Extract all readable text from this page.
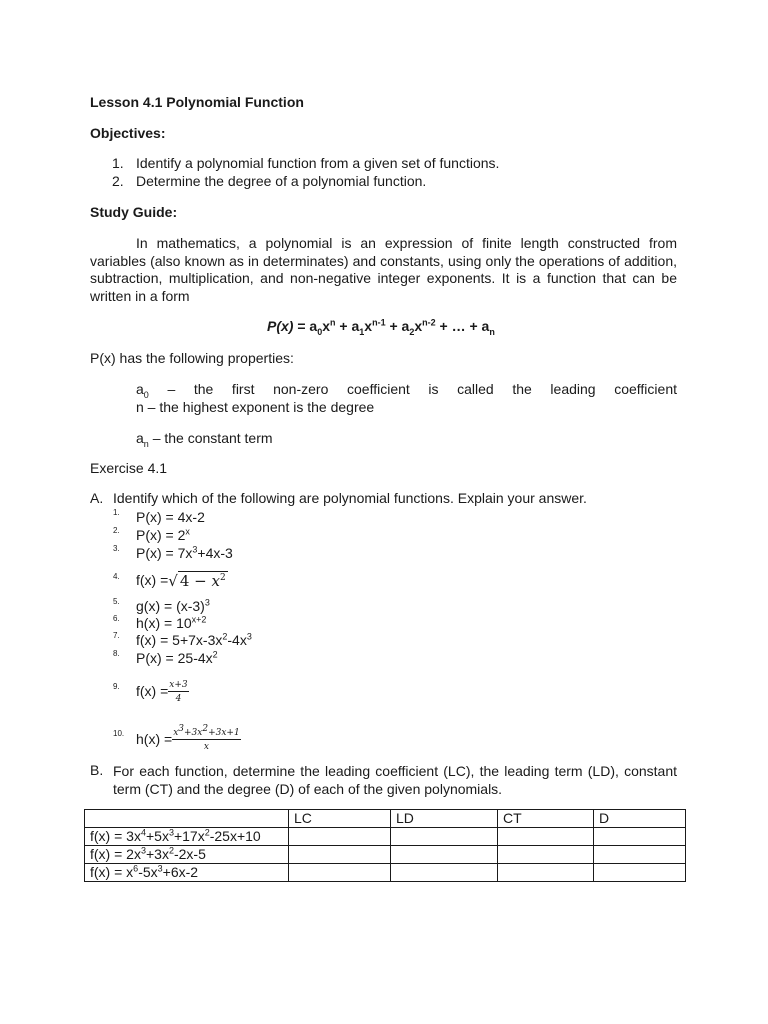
Lesson 4.1 Polynomial Function
Objectives:
1. Identify a polynomial function from a given set of functions.
2. Determine the degree of a polynomial function.
Study Guide:
In mathematics, a polynomial is an expression of finite length constructed from variables (also known as in determinates) and constants, using only the operations of addition, subtraction, multiplication, and non-negative integer exponents. It is a function that can be written in a form
$P(x) = a_0x^n + a_1x^{n-1} + a_2x^{n-2}$ + … + $a_n$
P(x) has the following properties:
$a_0$ – the first non-zero coefficient is called the leading coefficient
n – the highest exponent is the degree
$a_n$ – the constant term
Exercise 4.1
A. Identify which of the following are polynomial functions. Explain your answer.
1. P(x) = 4x-2
2. $P(x) = 2^x$
3. $P(x) = 7x^3+4x-3$
4. f(x) =√ $4 - x^2$
5. $g(x) = (x-3)^3$
6. $h(x) = 10^{x+2}$
7. $f(x) = 5+7x-3x^2-4x^3$
8. $P(x) = 25-4x^2$
9. $f(x) = \frac{x+3}{4}$
10. $h(x) = \frac{x^3+3x^2+3x+1}{x}$
B. For each function, determine the leading coefficient (LC), the leading term (LD), constant term (CT) and the degree (D) of each of the given polynomials.
	LC	LD	CT	D
$f(x) = 3x^4+5x^3+17x^2-25x+10$				
$f(x) = 2x^3+3x^2-2x-5$				
$f(x) = x^6-5x^3+6x-2$				
